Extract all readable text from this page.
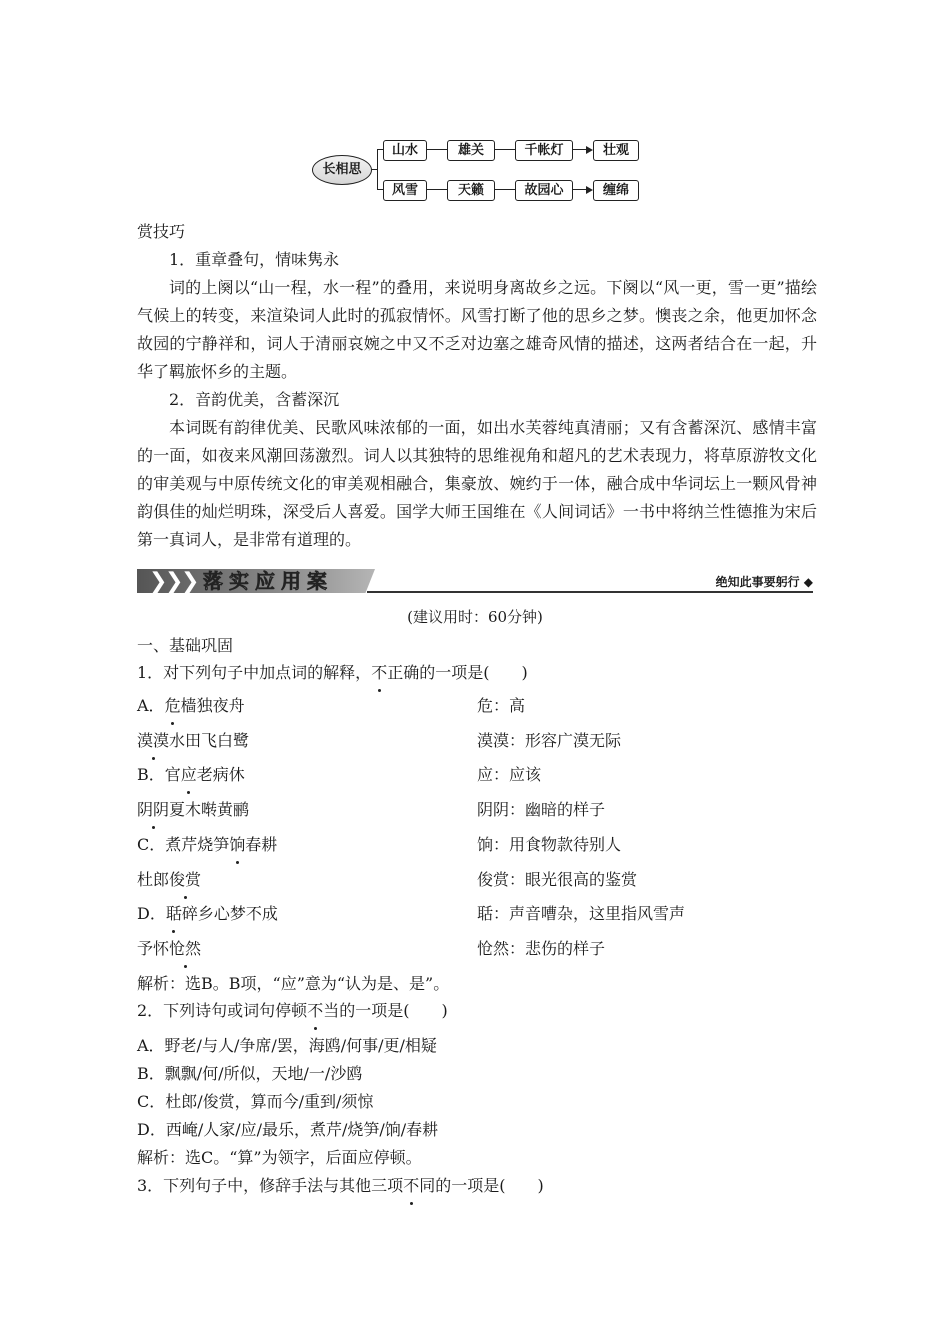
长相思
山水	雄关	千帐灯	壮观
风雪	天籁	故园心	缠绵
赏技巧
1．重章叠句，情味隽永
词的上阕以“山一程，水一程”的叠用，来说明身离故乡之远。下阕以“风一更，雪一更”描绘气候上的转变，来渲染词人此时的孤寂情怀。风雪打断了他的思乡之梦。懊丧之余，他更加怀念故园的宁静祥和，词人于清丽哀婉之中又不乏对边塞之雄奇风情的描述，这两者结合在一起，升华了羁旅怀乡的主题。
2．音韵优美，含蓄深沉
本词既有韵律优美、民歌风味浓郁的一面，如出水芙蓉纯真清丽；又有含蓄深沉、感情丰富的一面，如夜来风潮回荡激烈。词人以其独特的思维视角和超凡的艺术表现力，将草原游牧文化的审美观与中原传统文化的审美观相融合，集豪放、婉约于一体，融合成中华词坛上一颗风骨神韵俱佳的灿烂明珠，深受后人喜爱。国学大师王国维在《人间词话》一书中将纳兰性德推为宋后第一真词人，是非常有道理的。
❯
❯
❯ 落实应用案	绝知此事要躬行 ◆
(建议用时：60分钟)
一、基础巩固
1．对下列句子中加点词的解释，不正确的一项是(　　)
A．危樯独夜舟	危：高
漠漠水田飞白鹭	漠漠：形容广漠无际
B．官应老病休	应：应该
阴阴夏木啭黄鹂	阴阴：幽暗的样子
C．煮芹烧笋饷春耕	饷：用食物款待别人
杜郎俊赏	俊赏：眼光很高的鉴赏
D．聒碎乡心梦不成	聒：声音嘈杂，这里指风雪声
予怀怆然	怆然：悲伤的样子
解析：选B。B项，“应”意为“认为是、是”。
2．下列诗句或词句停顿不当的一项是(　　)
A．野老/与人/争席/罢，海鸥/何事/更/相疑
B．飘飘/何/所似，天地/一/沙鸥
C．杜郎/俊赏，算而今/重到/须惊
D．西崦/人家/应/最乐，煮芹/烧笋/饷/春耕
解析：选C。“算”为领字，后面应停顿。
3．下列句子中，修辞手法与其他三项不同的一项是(　　)
